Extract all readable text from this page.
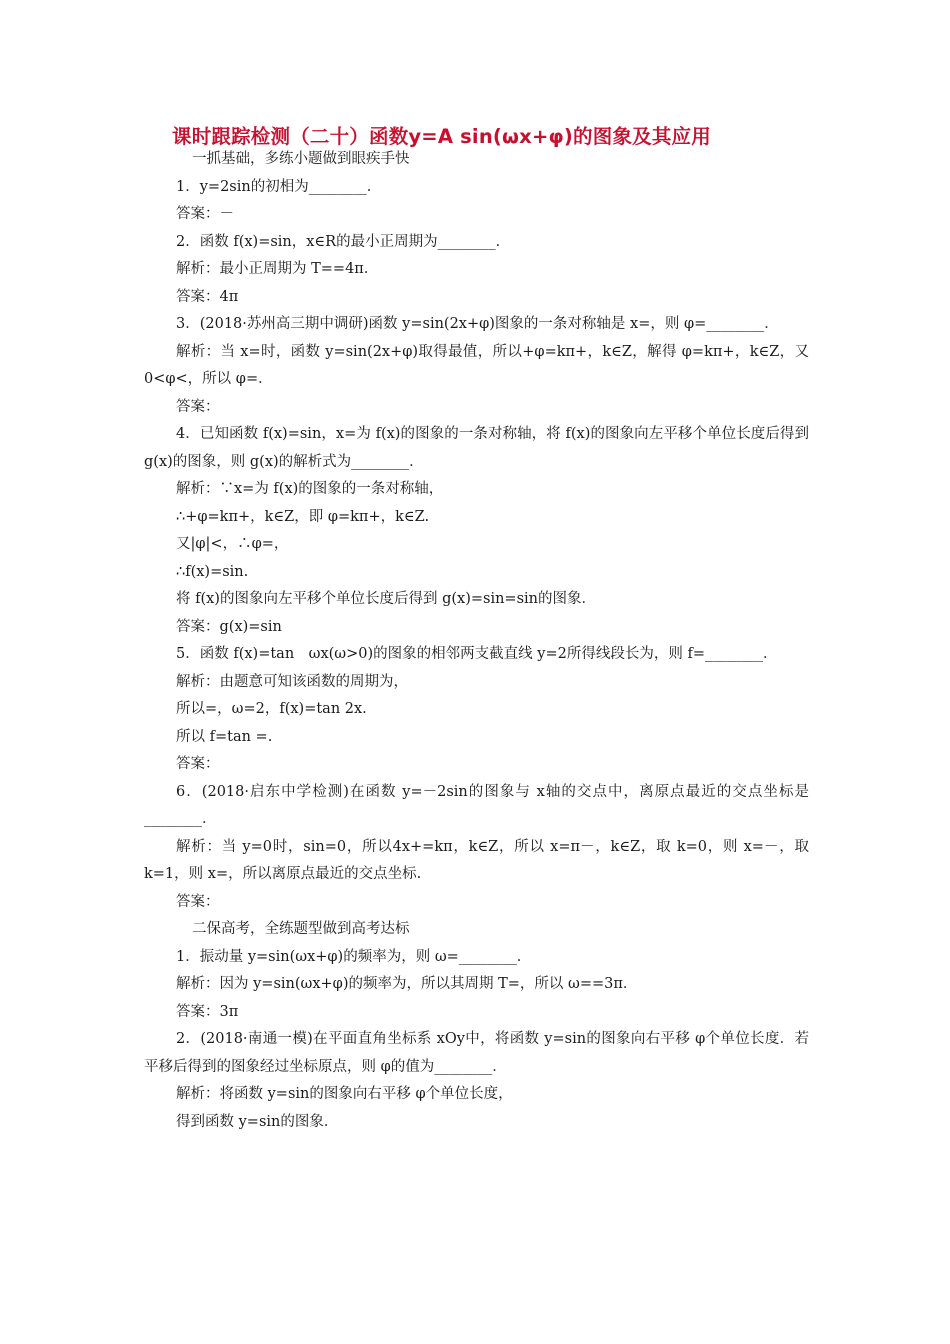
课时跟踪检测（二十）函数y=A sin(ωx+φ)的图象及其应用

一抓基础，多练小题做到眼疾手快

1．y=2sin的初相为________．

答案：－

2．函数 f(x)=sin，x∈R的最小正周期为________．

解析：最小正周期为 T==4π．

答案：4π

3．(2018·苏州高三期中调研)函数 y=sin(2x+φ)图象的一条对称轴是 x=，则 φ=________．

解析：当 x=时，函数 y=sin(2x+φ)取得最值，所以+φ=kπ+，k∈Z，解得 φ=kπ+，k∈Z，又0<φ<，所以 φ=．

答案：

4．已知函数 f(x)=sin，x=为 f(x)的图象的一条对称轴，将 f(x)的图象向左平移个单位长度后得到 g(x)的图象，则 g(x)的解析式为________．

解析：∵x=为 f(x)的图象的一条对称轴，

∴+φ=kπ+，k∈Z，即 φ=kπ+，k∈Z.

又|φ|<，∴φ=，

∴f(x)=sin.

将 f(x)的图象向左平移个单位长度后得到 g(x)=sin=sin的图象．

答案：g(x)=sin

5．函数 f(x)=tan　ωx(ω>0)的图象的相邻两支截直线 y=2所得线段长为，则 f=________．

解析：由题意可知该函数的周期为，

所以=，ω=2，f(x)=tan 2x.

所以 f=tan =.

答案：

6．(2018·启东中学检测)在函数 y=－2sin的图象与 x轴的交点中，离原点最近的交点坐标是________．

解析：当 y=0时，sin=0，所以4x+=kπ，k∈Z，所以 x=π－，k∈Z，取 k=0，则 x=－，取 k=1，则 x=，所以离原点最近的交点坐标.

答案：

二保高考，全练题型做到高考达标

1．振动量 y=sin(ωx+φ)的频率为，则 ω=________．

解析：因为 y=sin(ωx+φ)的频率为，所以其周期 T=，所以 ω==3π．

答案：3π

2．(2018·南通一模)在平面直角坐标系 xOy中，将函数 y=sin的图象向右平移 φ个单位长度．若平移后得到的图象经过坐标原点，则 φ的值为________．

解析：将函数 y=sin的图象向右平移 φ个单位长度，

得到函数 y=sin的图象．
